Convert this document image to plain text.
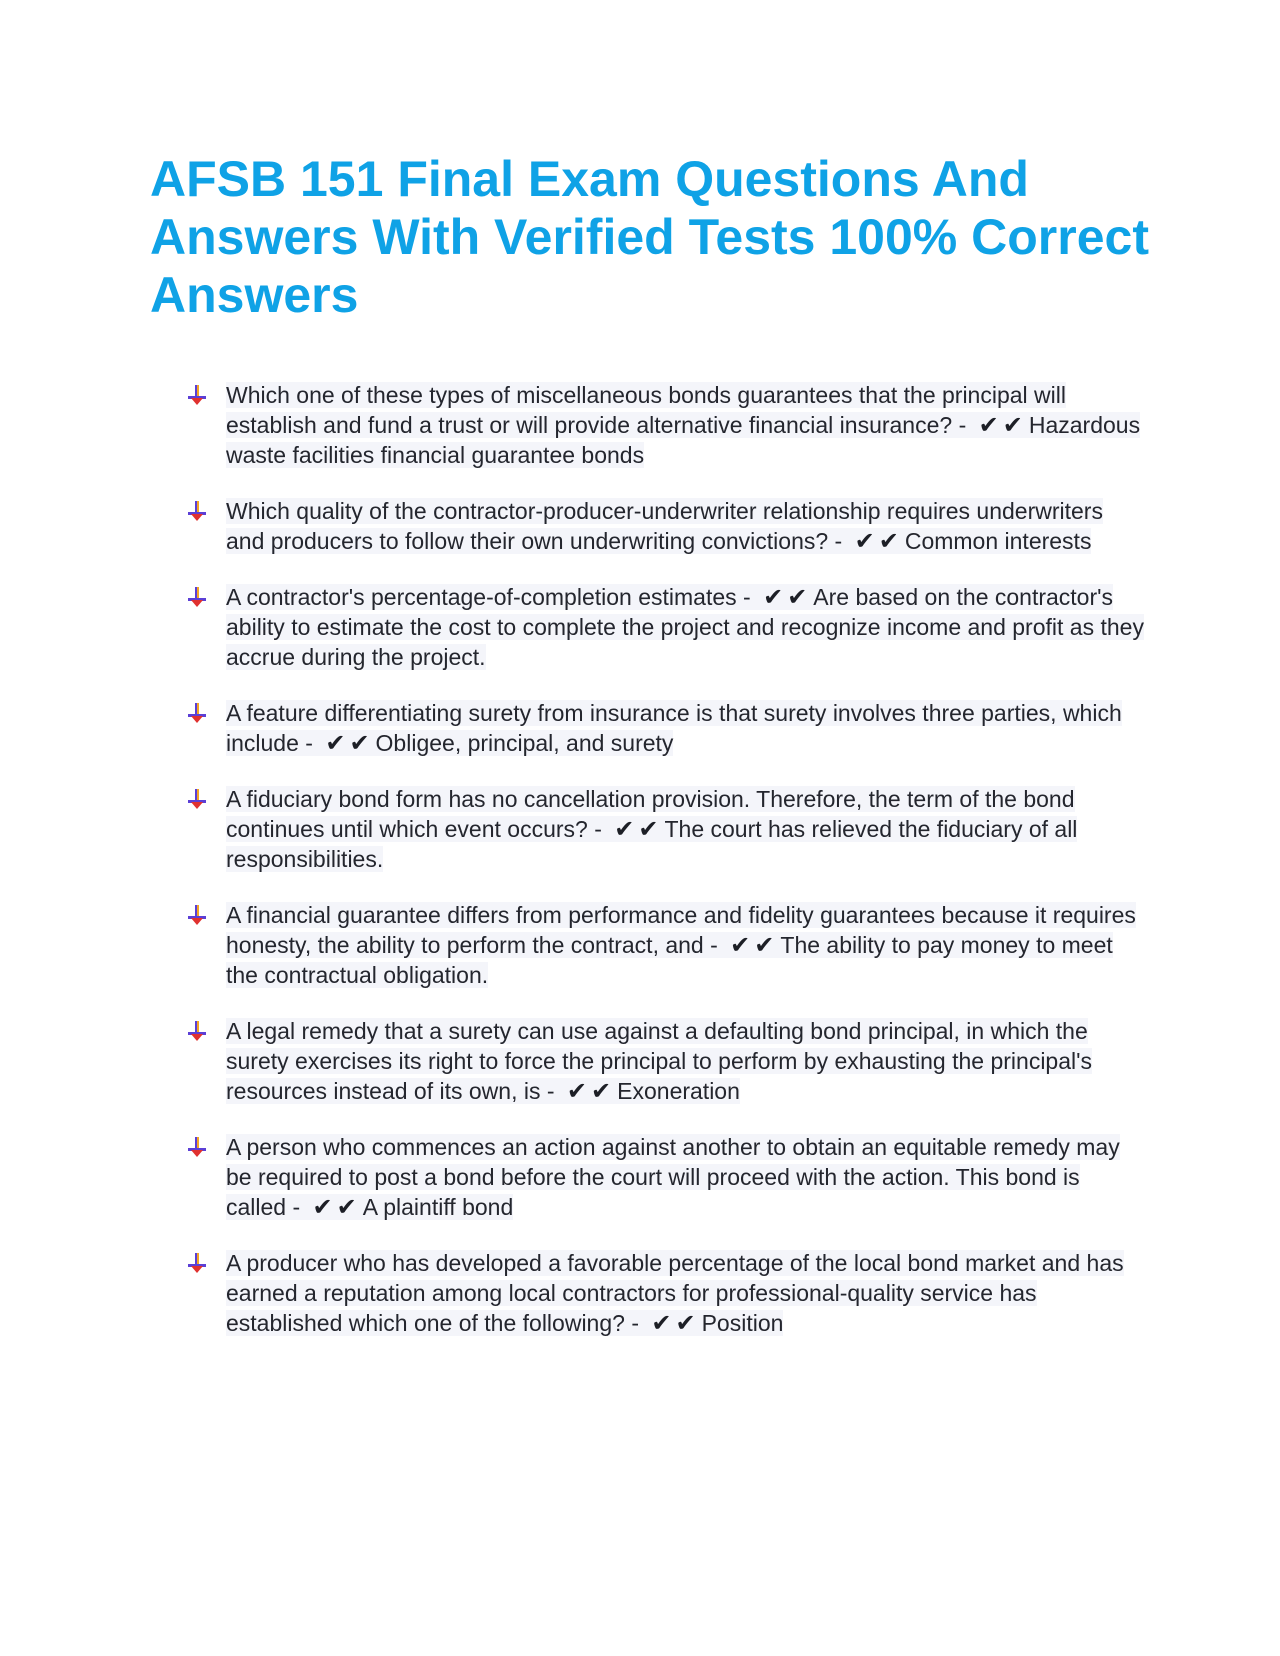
AFSB 151 Final Exam Questions And Answers With Verified Tests 100% Correct Answers
Which one of these types of miscellaneous bonds guarantees that the principal will establish and fund a trust or will provide alternative financial insurance? - ✔ ✔ Hazardous waste facilities financial guarantee bonds
Which quality of the contractor-producer-underwriter relationship requires underwriters and producers to follow their own underwriting convictions? - ✔ ✔ Common interests
A contractor's percentage-of-completion estimates - ✔ ✔ Are based on the contractor's ability to estimate the cost to complete the project and recognize income and profit as they accrue during the project.
A feature differentiating surety from insurance is that surety involves three parties, which include - ✔ ✔ Obligee, principal, and surety
A fiduciary bond form has no cancellation provision. Therefore, the term of the bond continues until which event occurs? - ✔ ✔ The court has relieved the fiduciary of all responsibilities.
A financial guarantee differs from performance and fidelity guarantees because it requires honesty, the ability to perform the contract, and - ✔ ✔ The ability to pay money to meet the contractual obligation.
A legal remedy that a surety can use against a defaulting bond principal, in which the surety exercises its right to force the principal to perform by exhausting the principal's resources instead of its own, is - ✔ ✔ Exoneration
A person who commences an action against another to obtain an equitable remedy may be required to post a bond before the court will proceed with the action. This bond is called - ✔ ✔ A plaintiff bond
A producer who has developed a favorable percentage of the local bond market and has earned a reputation among local contractors for professional-quality service has established which one of the following? - ✔ ✔ Position
